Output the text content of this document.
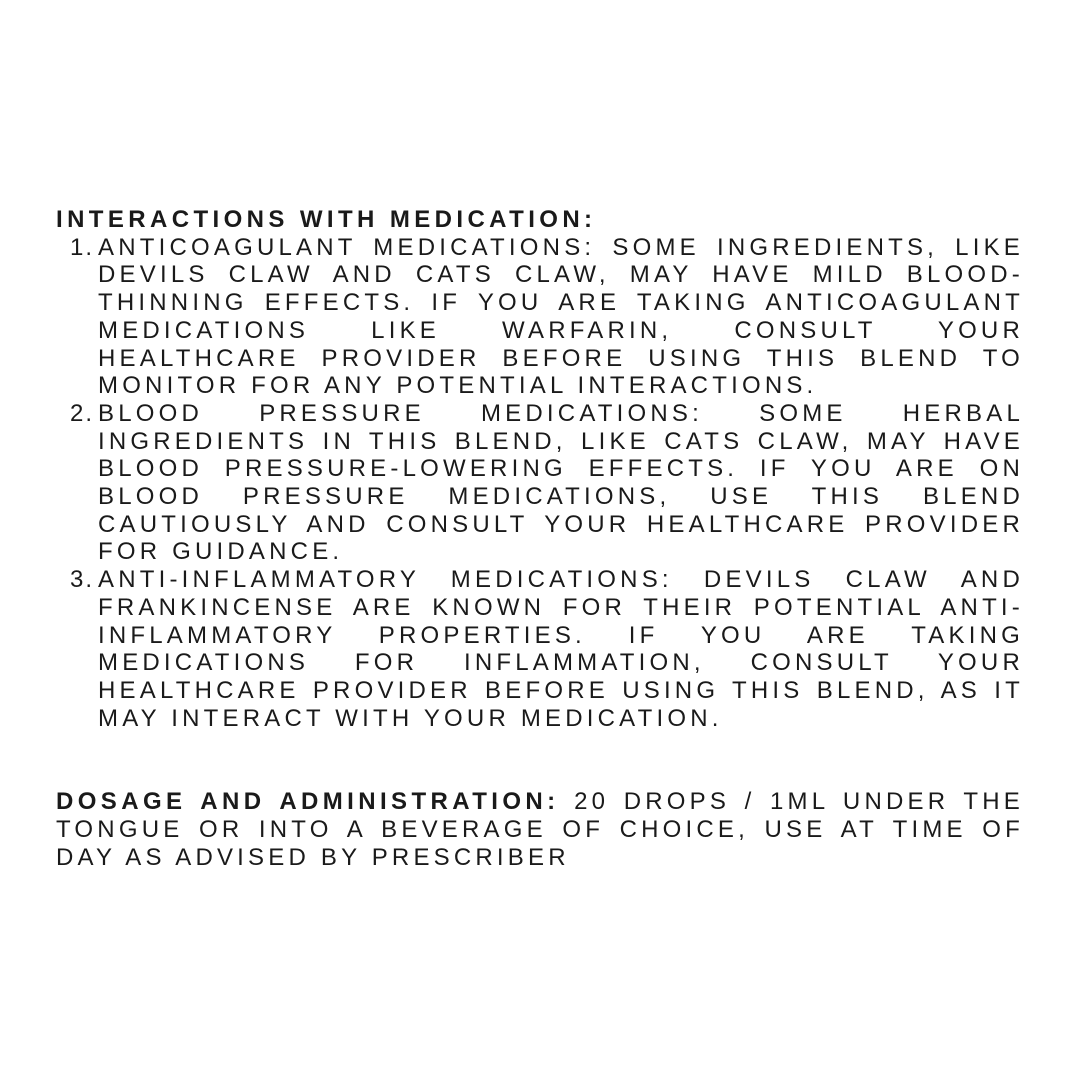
INTERACTIONS WITH MEDICATION:

1. ANTICOAGULANT MEDICATIONS: SOME INGREDIENTS, LIKE DEVILS CLAW AND CATS CLAW, MAY HAVE MILD BLOOD-THINNING EFFECTS. IF YOU ARE TAKING ANTICOAGULANT MEDICATIONS LIKE WARFARIN, CONSULT YOUR HEALTHCARE PROVIDER BEFORE USING THIS BLEND TO MONITOR FOR ANY POTENTIAL INTERACTIONS.
2. BLOOD PRESSURE MEDICATIONS: SOME HERBAL INGREDIENTS IN THIS BLEND, LIKE CATS CLAW, MAY HAVE BLOOD PRESSURE-LOWERING EFFECTS. IF YOU ARE ON BLOOD PRESSURE MEDICATIONS, USE THIS BLEND CAUTIOUSLY AND CONSULT YOUR HEALTHCARE PROVIDER FOR GUIDANCE.
3. ANTI-INFLAMMATORY MEDICATIONS: DEVILS CLAW AND FRANKINCENSE ARE KNOWN FOR THEIR POTENTIAL ANTI-INFLAMMATORY PROPERTIES. IF YOU ARE TAKING MEDICATIONS FOR INFLAMMATION, CONSULT YOUR HEALTHCARE PROVIDER BEFORE USING THIS BLEND, AS IT MAY INTERACT WITH YOUR MEDICATION.

DOSAGE AND ADMINISTRATION: 20 DROPS / 1ML UNDER THE TONGUE OR INTO A BEVERAGE OF CHOICE, USE AT TIME OF DAY AS ADVISED BY PRESCRIBER
